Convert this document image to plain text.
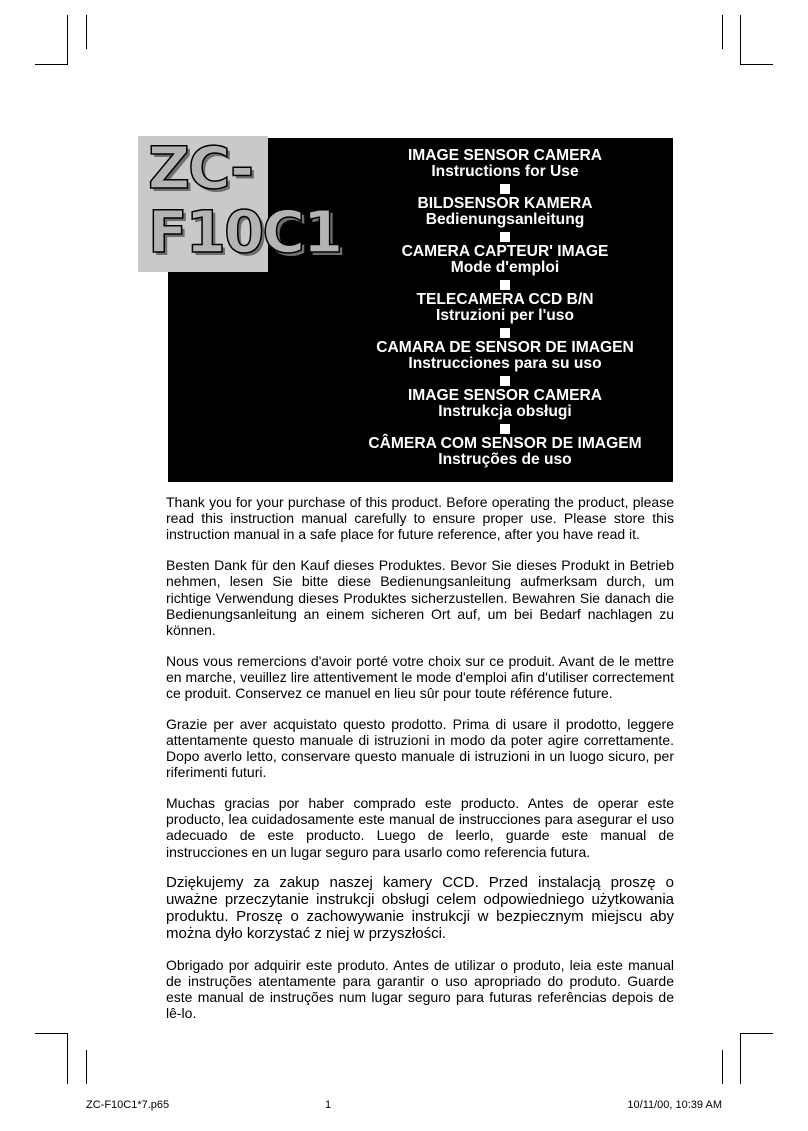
IMAGE SENSOR CAMERA
Instructions for Use
BILDSENSOR KAMERA
Bedienungsanleitung
CAMERA CAPTEUR' IMAGE
Mode d'emploi
TELECAMERA CCD B/N
Istruzioni per l'uso
CAMARA DE SENSOR DE IMAGEN
Instrucciones para su uso
IMAGE SENSOR CAMERA
Instrukcja obsługi
CÂMERA COM SENSOR DE IMAGEM
Instruções de uso
ZC-
F10C1

Thank you for your purchase of this product. Before operating the product, please read this instruction manual carefully to ensure proper use. Please store this instruction manual in a safe place for future reference, after you have read it.

Besten Dank für den Kauf dieses Produktes. Bevor Sie dieses Produkt in Betrieb nehmen, lesen Sie bitte diese Bedienungsanleitung aufmerksam durch, um richtige Verwendung dieses Produktes sicherzustellen. Bewahren Sie danach die Bedienungsanleitung an einem sicheren Ort auf, um bei Bedarf nachlagen zu können.

Nous vous remercions d'avoir porté votre choix sur ce produit. Avant de le mettre en marche, veuillez lire attentivement le mode d'emploi afin d'utiliser correctement ce produit. Conservez ce manuel en lieu sûr pour toute référence future.

Grazie per aver acquistato questo prodotto. Prima di usare il prodotto, leggere attentamente questo manuale di istruzioni in modo da poter agire correttamente. Dopo averlo letto, conservare questo manuale di istruzioni in un luogo sicuro, per riferimenti futuri.

Muchas gracias por haber comprado este producto. Antes de operar este producto, lea cuidadosamente este manual de instrucciones para asegurar el uso adecuado de este producto. Luego de leerlo, guarde este manual de instrucciones en un lugar seguro para usarlo como referencia futura.

Dziękujemy za zakup naszej kamery CCD. Przed instalacją proszę o uważne przeczytanie instrukcji obsługi celem odpowiedniego użytkowania produktu. Proszę o zachowywanie instrukcji w bezpiecznym miejscu aby można dyło korzystać z niej w przyszłości.

Obrigado por adquirir este produto. Antes de utilizar o produto, leia este manual de instruções atentamente para garantir o uso apropriado do produto. Guarde este manual de instruções num lugar seguro para futuras referências depois de lê-lo.

ZC-F10C1*7.p65	1	10/11/00, 10:39 AM
